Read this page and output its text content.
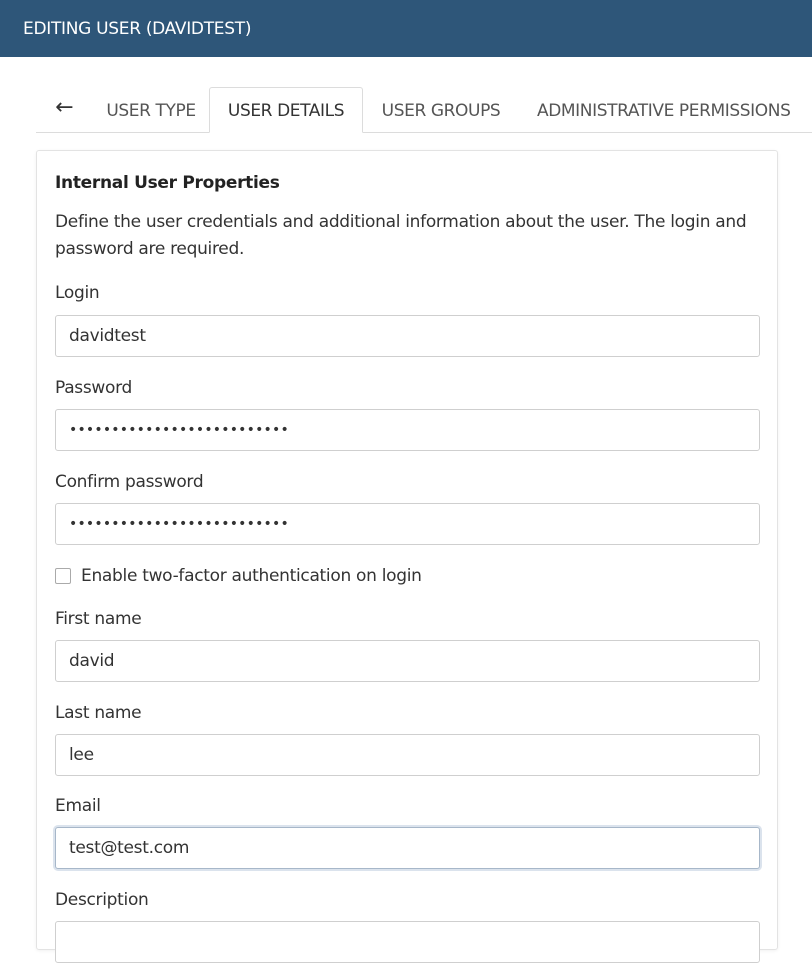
EDITING USER (DAVIDTEST)
←	USER TYPE	USER DETAILS	USER GROUPS	ADMINISTRATIVE PERMISSIONS
Internal User Properties
Define the user credentials and additional information about the user. The login and password are required.
Login
davidtest
Password
••••••••••••••••••••••••••
Confirm password
••••••••••••••••••••••••••
Enable two-factor authentication on login
First name
david
Last name
lee
Email
test@test.com
Description
